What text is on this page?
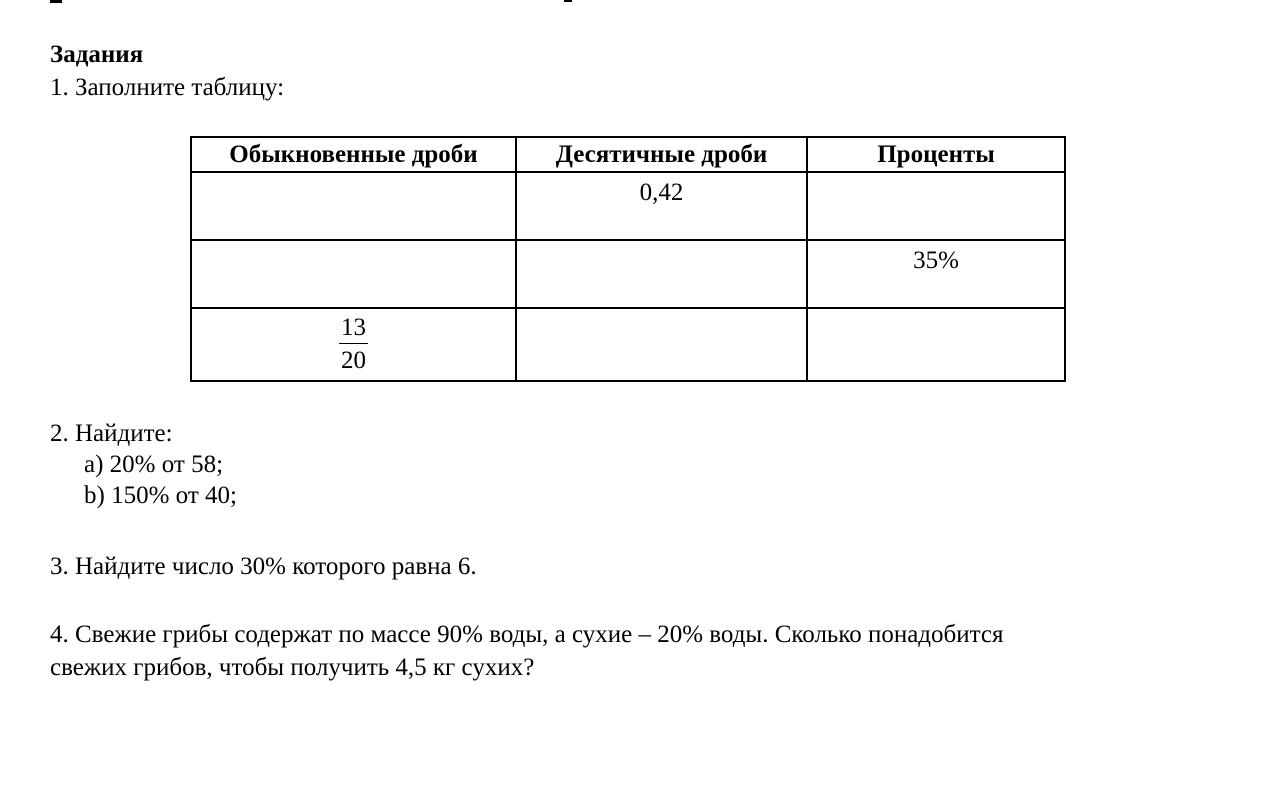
Задания
1. Заполните таблицу:
Обыкновенные дроби	Десятичные дроби	Проценты

	0,42	

		35%

$\frac{13}{20}$

2. Найдите:
a) 20% от 58;
b) 150% от 40;
3. Найдите число 30% которого равна 6.
4. Свежие грибы содержат по массе 90% воды, а сухие – 20% воды. Сколько понадобится
свежих грибов, чтобы получить 4,5 кг сухих?
